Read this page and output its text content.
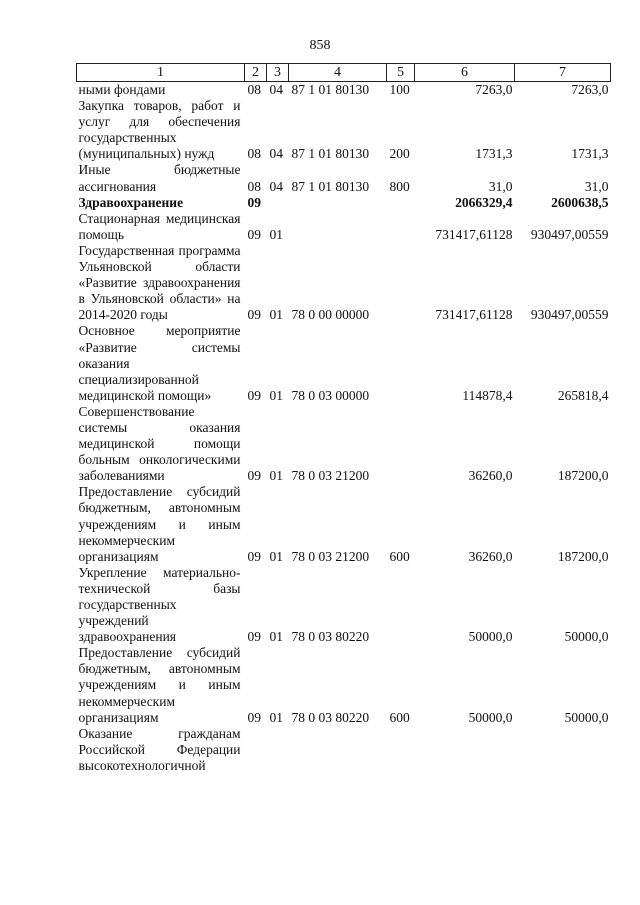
858
1	2	3	4	5	6	7
ными фондами	08	04	87 1 01 80130	100	7263,0	7263,0
Закупка товаров, работ и услуг для обеспечения государственных (муниципальных) нужд	08	04	87 1 01 80130	200	1731,3	1731,3
Иные бюджетные ассигнования	08	04	87 1 01 80130	800	31,0	31,0
Здравоохранение	09				2066329,4	2600638,5
Стационарная медицинская помощь	09	01			731417,61128	930497,00559
Государственная программа Ульяновской области «Развитие здравоохранения в Ульяновской области» на 2014-2020 годы	09	01	78 0 00 00000		731417,61128	930497,00559
Основное мероприятие «Развитие системы оказания специализированной медицинской помощи»	09	01	78 0 03 00000		114878,4	265818,4
Совершенствование системы оказания медицинской помощи больным онкологическими заболеваниями	09	01	78 0 03 21200		36260,0	187200,0
Предоставление субсидий бюджетным, автономным учреждениям и иным некоммерческим организациям	09	01	78 0 03 21200	600	36260,0	187200,0
Укрепление материально-технической базы государственных учреждений здравоохранения	09	01	78 0 03 80220		50000,0	50000,0
Предоставление субсидий бюджетным, автономным учреждениям и иным некоммерческим организациям	09	01	78 0 03 80220	600	50000,0	50000,0
Оказание гражданам Российской Федерации высокотехнологичной						
